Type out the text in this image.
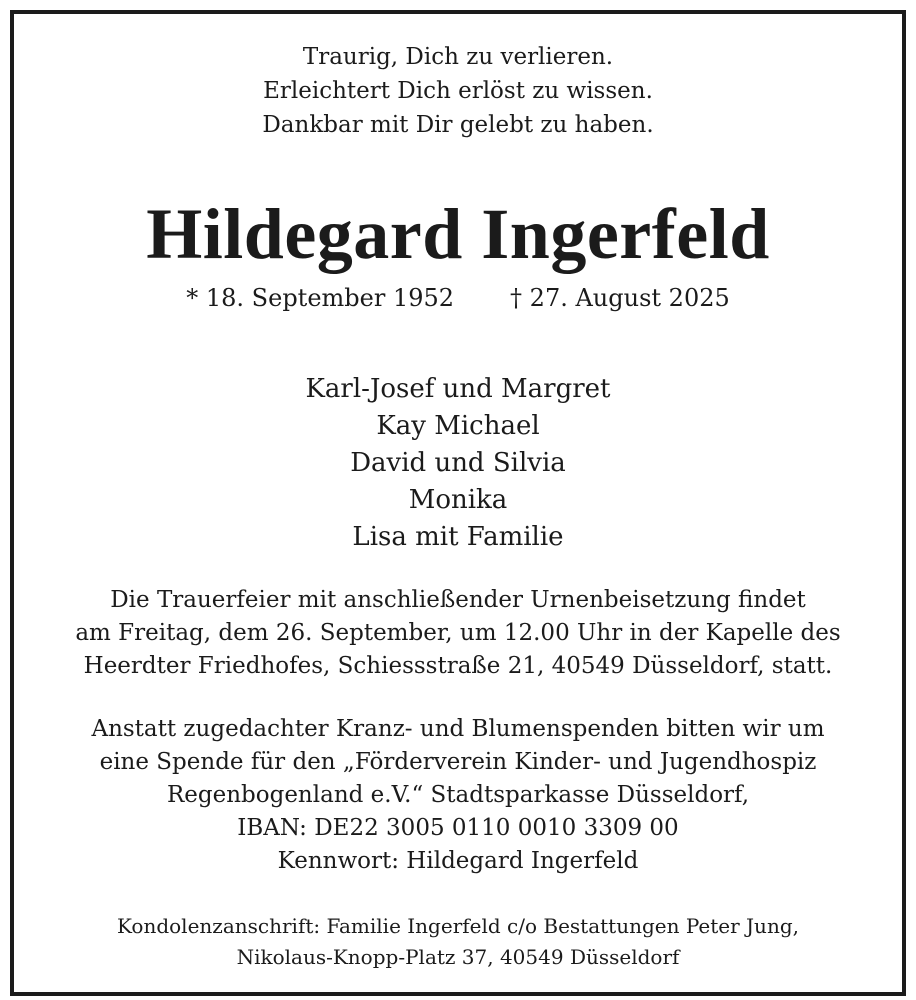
Traurig, Dich zu verlieren.

Erleichtert Dich erlöst zu wissen.

Dankbar mit Dir gelebt zu haben.

Hildegard Ingerfeld
* 18. September 1952 † 27. August 2025

Karl-Josef und Margret

Kay Michael

David und Silvia

Monika

Lisa mit Familie

Die Trauerfeier mit anschließender Urnenbeisetzung findet

am Freitag, dem 26. September, um 12.00 Uhr in der Kapelle des

Heerdter Friedhofes, Schiessstraße 21, 40549 Düsseldorf, statt.

Anstatt zugedachter Kranz- und Blumenspenden bitten wir um

eine Spende für den „Förderverein Kinder- und Jugendhospiz

Regenbogenland e.V.“ Stadtsparkasse Düsseldorf,

IBAN: DE22 3005 0110 0010 3309 00

Kennwort: Hildegard Ingerfeld

Kondolenzanschrift: Familie Ingerfeld c/o Bestattungen Peter Jung,

Nikolaus-Knopp-Platz 37, 40549 Düsseldorf
